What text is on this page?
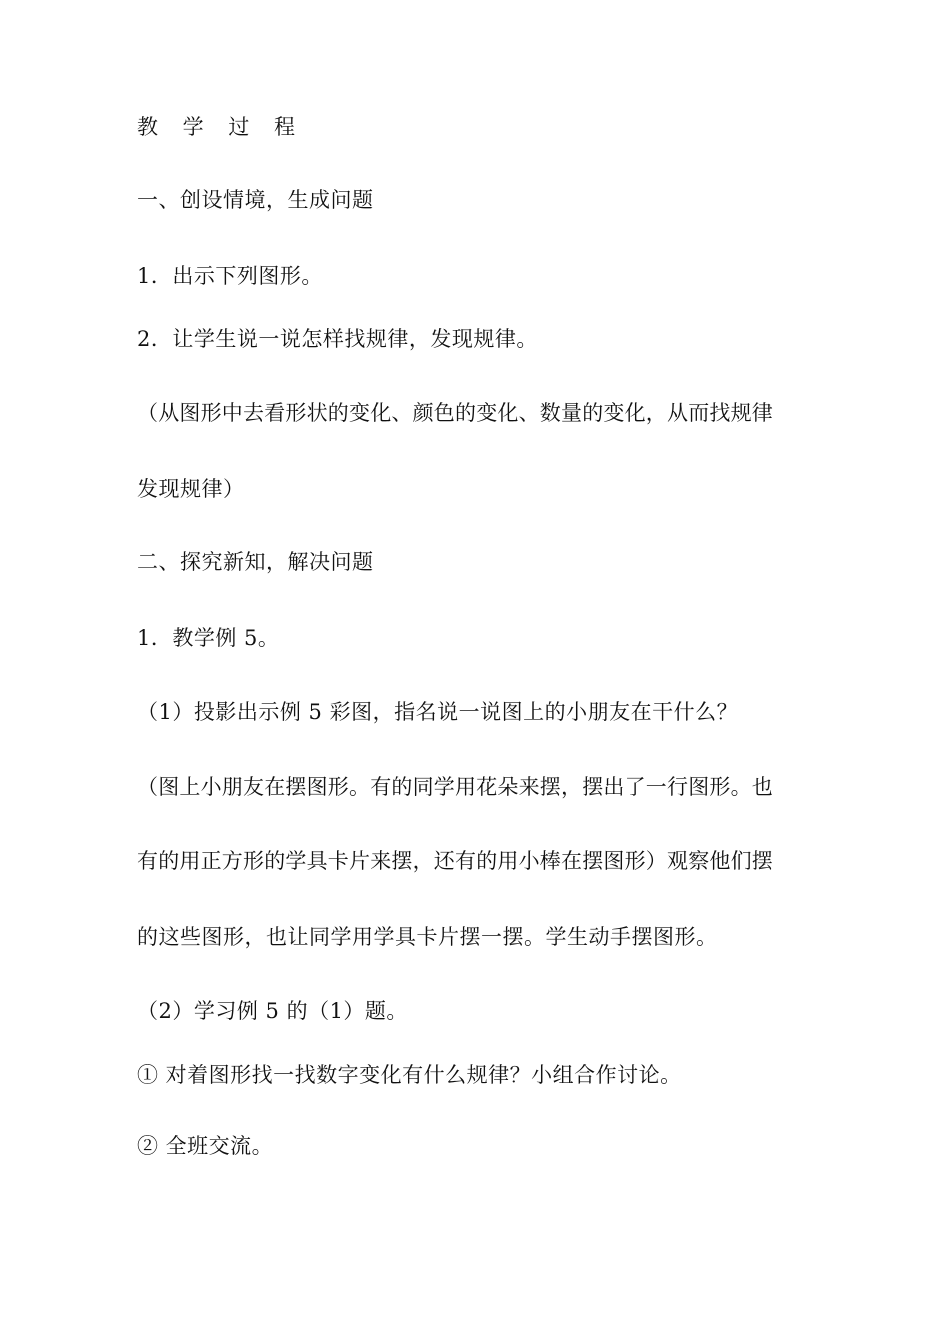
教 学 过 程
一、创设情境，生成问题
1．出示下列图形。
2．让学生说一说怎样找规律，发现规律。
（从图形中去看形状的变化、颜色的变化、数量的变化，从而找规律
发现规律）
二、探究新知，解决问题
1．教学例 5。
（1）投影出示例 5 彩图，指名说一说图上的小朋友在干什么？
（图上小朋友在摆图形。有的同学用花朵来摆，摆出了一行图形。也
有的用正方形的学具卡片来摆，还有的用小棒在摆图形）观察他们摆
的这些图形，也让同学用学具卡片摆一摆。学生动手摆图形。
（2）学习例 5 的（1）题。
① 对着图形找一找数字变化有什么规律？小组合作讨论。
② 全班交流。
